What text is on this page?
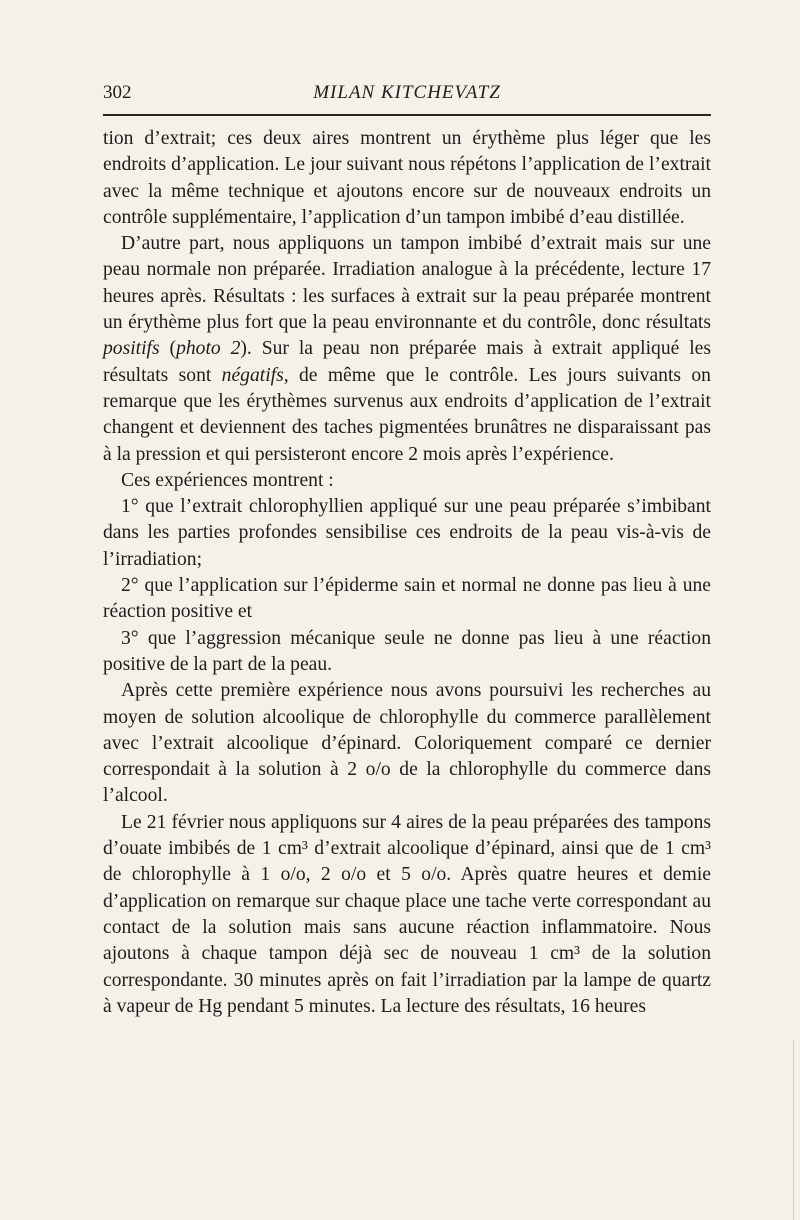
302	MILAN KITCHEVATZ

tion d’extrait; ces deux aires montrent un érythème plus léger que les endroits d’application. Le jour suivant nous répétons l’application de l’extrait avec la même technique et ajoutons encore sur de nouveaux endroits un contrôle supplémentaire, l’application d’un tampon imbibé d’eau distillée.

D’autre part, nous appliquons un tampon imbibé d’extrait mais sur une peau normale non préparée. Irradiation analogue à la précédente, lecture 17 heures après. Résultats : les surfaces à extrait sur la peau préparée montrent un érythème plus fort que la peau environnante et du contrôle, donc résultats positifs (photo 2). Sur la peau non préparée mais à extrait appliqué les résultats sont négatifs, de même que le contrôle. Les jours suivants on remarque que les érythèmes survenus aux endroits d’application de l’extrait changent et deviennent des taches pigmentées brunâtres ne disparaissant pas à la pression et qui persisteront encore 2 mois après l’expérience.

Ces expériences montrent :

1° que l’extrait chlorophyllien appliqué sur une peau préparée s’imbibant dans les parties profondes sensibilise ces endroits de la peau vis-à-vis de l’irradiation;

2° que l’application sur l’épiderme sain et normal ne donne pas lieu à une réaction positive et

3° que l’aggression mécanique seule ne donne pas lieu à une réaction positive de la part de la peau.

Après cette première expérience nous avons poursuivi les recherches au moyen de solution alcoolique de chlorophylle du commerce parallèlement avec l’extrait alcoolique d’épinard. Coloriquement comparé ce dernier correspondait à la solution à 2 o/o de la chlorophylle du commerce dans l’alcool.

Le 21 février nous appliquons sur 4 aires de la peau préparées des tampons d’ouate imbibés de 1 cm³ d’extrait alcoolique d’épinard, ainsi que de 1 cm³ de chlorophylle à 1 o/o, 2 o/o et 5 o/o. Après quatre heures et demie d’application on remarque sur chaque place une tache verte correspondant au contact de la solution mais sans aucune réaction inflammatoire. Nous ajoutons à chaque tampon déjà sec de nouveau 1 cm³ de la solution correspondante. 30 minutes après on fait l’irradiation par la lampe de quartz à vapeur de Hg pendant 5 minutes. La lecture des résultats, 16 heures
